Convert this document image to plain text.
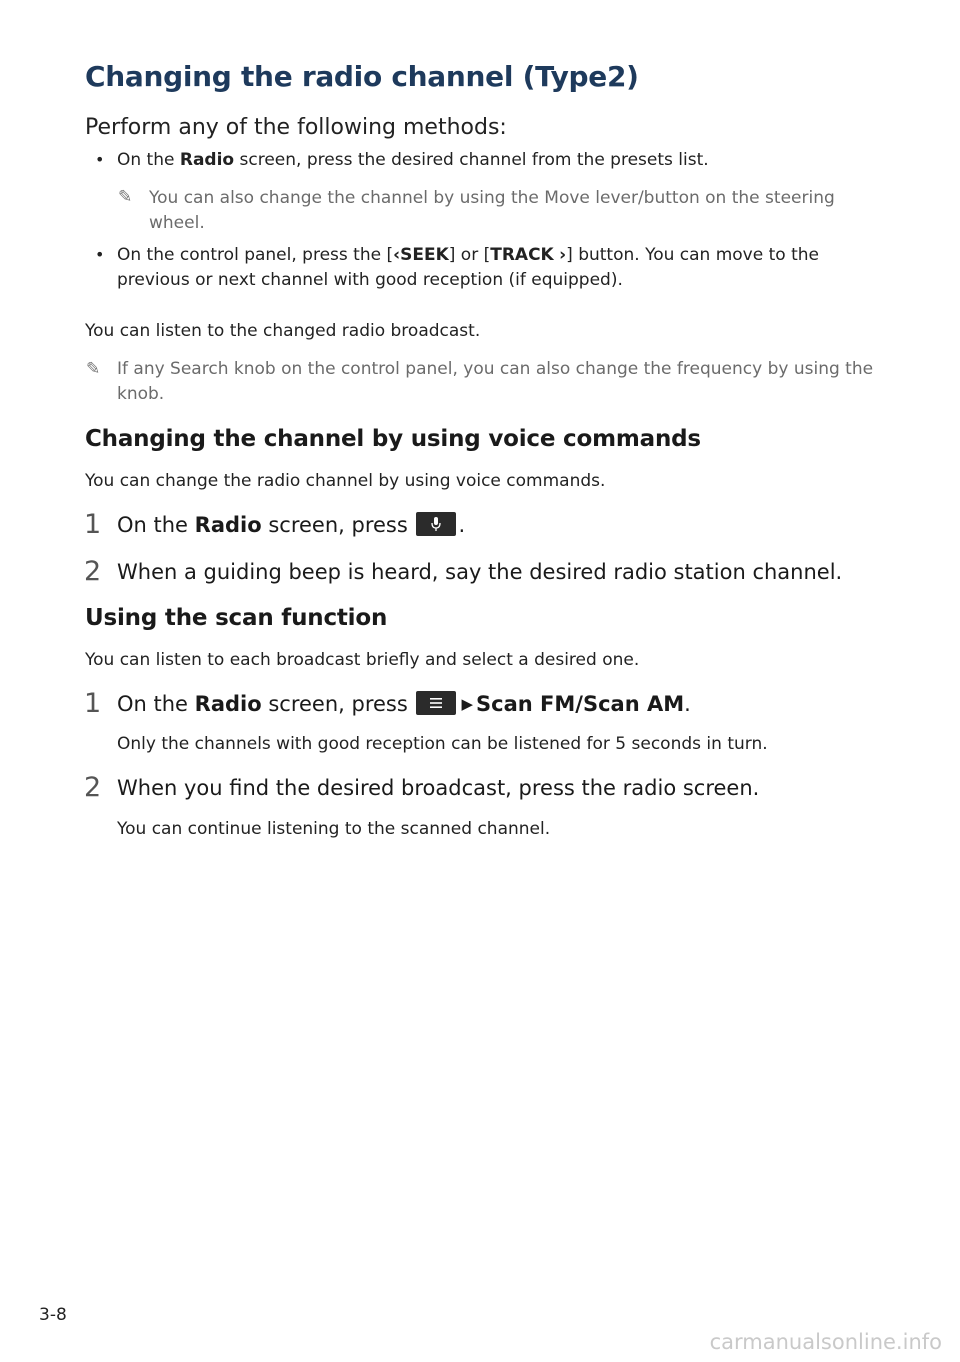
Changing the radio channel (Type2)

Perform any of the following methods:

• On the Radio screen, press the desired channel from the presets list.

✎ You can also change the channel by using the Move lever/button on the steering wheel.

• On the control panel, press the [‹SEEK] or [TRACK ›] button. You can move to the previous or next channel with good reception (if equipped).

You can listen to the changed radio broadcast.

✎ If any Search knob on the control panel, you can also change the frequency by using the knob.

Changing the channel by using voice commands

You can change the radio channel by using voice commands.

1 On the Radio screen, press .

2 When a guiding beep is heard, say the desired radio station channel.

Using the scan function

You can listen to each broadcast briefly and select a desired one.

1 On the Radio screen, press	▶ Scan FM/Scan AM.

Only the channels with good reception can be listened for 5 seconds in turn.

2 When you find the desired broadcast, press the radio screen.

You can continue listening to the scanned channel.

3-8
carmanualsonline.info
